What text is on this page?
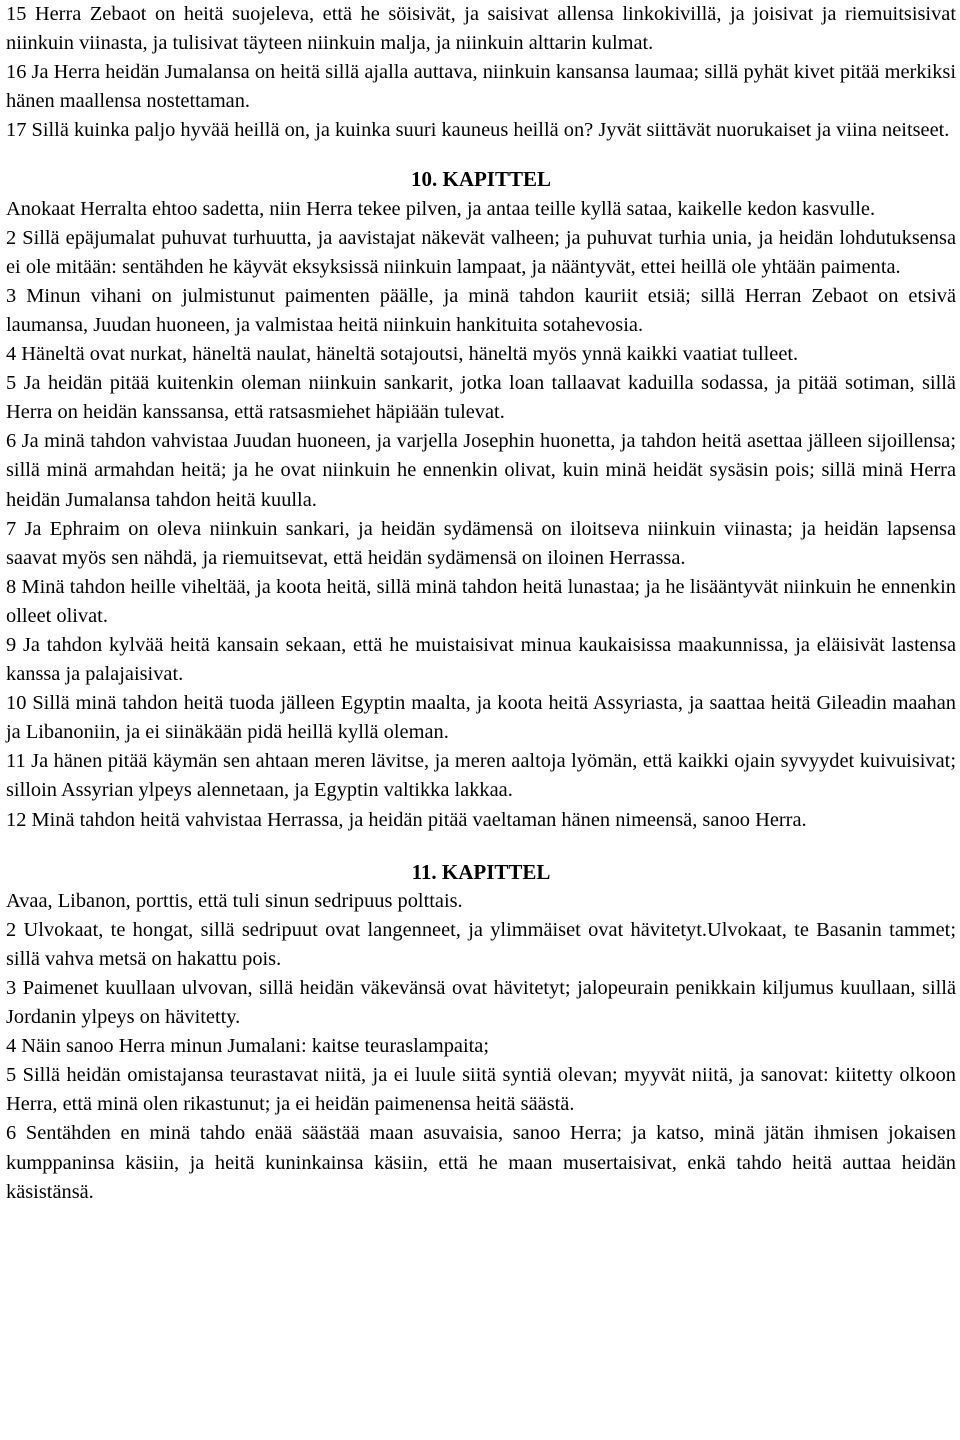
15 Herra Zebaot on heitä suojeleva, että he söisivät, ja saisivat allensa linkokivillä, ja joisivat ja riemuitsisivat niinkuin viinasta, ja tulisivat täyteen niinkuin malja, ja niinkuin alttarin kulmat.

16 Ja Herra heidän Jumalansa on heitä sillä ajalla auttava, niinkuin kansansa laumaa; sillä pyhät kivet pitää merkiksi hänen maallensa nostettaman.

17 Sillä kuinka paljo hyvää heillä on, ja kuinka suuri kauneus heillä on? Jyvät siittävät nuorukaiset ja viina neitseet.

10. KAPITTEL

Anokaat Herralta ehtoo sadetta, niin Herra tekee pilven, ja antaa teille kyllä sataa, kaikelle kedon kasvulle.

2 Sillä epäjumalat puhuvat turhuutta, ja aavistajat näkevät valheen; ja puhuvat turhia unia, ja heidän lohdutuksensa ei ole mitään: sentähden he käyvät eksyksissä niinkuin lampaat, ja nääntyvät, ettei heillä ole yhtään paimenta.

3 Minun vihani on julmistunut paimenten päälle, ja minä tahdon kauriit etsiä; sillä Herran Zebaot on etsivä laumansa, Juudan huoneen, ja valmistaa heitä niinkuin hankituita sotahevosia.

4 Häneltä ovat nurkat, häneltä naulat, häneltä sotajoutsi, häneltä myös ynnä kaikki vaatiat tulleet.

5 Ja heidän pitää kuitenkin oleman niinkuin sankarit, jotka loan tallaavat kaduilla sodassa, ja pitää sotiman, sillä Herra on heidän kanssansa, että ratsasmiehet häpiään tulevat.

6 Ja minä tahdon vahvistaa Juudan huoneen, ja varjella Josephin huonetta, ja tahdon heitä asettaa jälleen sijoillensa; sillä minä armahdan heitä; ja he ovat niinkuin he ennenkin olivat, kuin minä heidät sysäsin pois; sillä minä Herra heidän Jumalansa tahdon heitä kuulla.

7 Ja Ephraim on oleva niinkuin sankari, ja heidän sydämensä on iloitseva niinkuin viinasta; ja heidän lapsensa saavat myös sen nähdä, ja riemuitsevat, että heidän sydämensä on iloinen Herrassa.

8 Minä tahdon heille viheltää, ja koota heitä, sillä minä tahdon heitä lunastaa; ja he lisääntyvät niinkuin he ennenkin olleet olivat.

9 Ja tahdon kylvää heitä kansain sekaan, että he muistaisivat minua kaukaisissa maakunnissa, ja eläisivät lastensa kanssa ja palajaisivat.

10 Sillä minä tahdon heitä tuoda jälleen Egyptin maalta, ja koota heitä Assyriasta, ja saattaa heitä Gileadin maahan ja Libanoniin, ja ei siinäkään pidä heillä kyllä oleman.

11 Ja hänen pitää käymän sen ahtaan meren lävitse, ja meren aaltoja lyömän, että kaikki ojain syvyydet kuivuisivat; silloin Assyrian ylpeys alennetaan, ja Egyptin valtikka lakkaa.

12 Minä tahdon heitä vahvistaa Herrassa, ja heidän pitää vaeltaman hänen nimeensä, sanoo Herra.

11. KAPITTEL

Avaa, Libanon, porttis, että tuli sinun sedripuus polttais.

2 Ulvokaat, te hongat, sillä sedripuut ovat langenneet, ja ylimmäiset ovat hävitetyt.Ulvokaat, te Basanin tammet; sillä vahva metsä on hakattu pois.

3 Paimenet kuullaan ulvovan, sillä heidän väkevänsä ovat hävitetyt; jalopeurain penikkain kiljumus kuullaan, sillä Jordanin ylpeys on hävitetty.

4 Näin sanoo Herra minun Jumalani: kaitse teuraslampaita;

5 Sillä heidän omistajansa teurastavat niitä, ja ei luule siitä syntiä olevan; myyvät niitä, ja sanovat: kiitetty olkoon Herra, että minä olen rikastunut; ja ei heidän paimenensa heitä säästä.

6 Sentähden en minä tahdo enää säästää maan asuvaisia, sanoo Herra; ja katso, minä jätän ihmisen jokaisen kumppaninsa käsiin, ja heitä kuninkainsa käsiin, että he maan musertaisivat, enkä tahdo heitä auttaa heidän käsistänsä.
